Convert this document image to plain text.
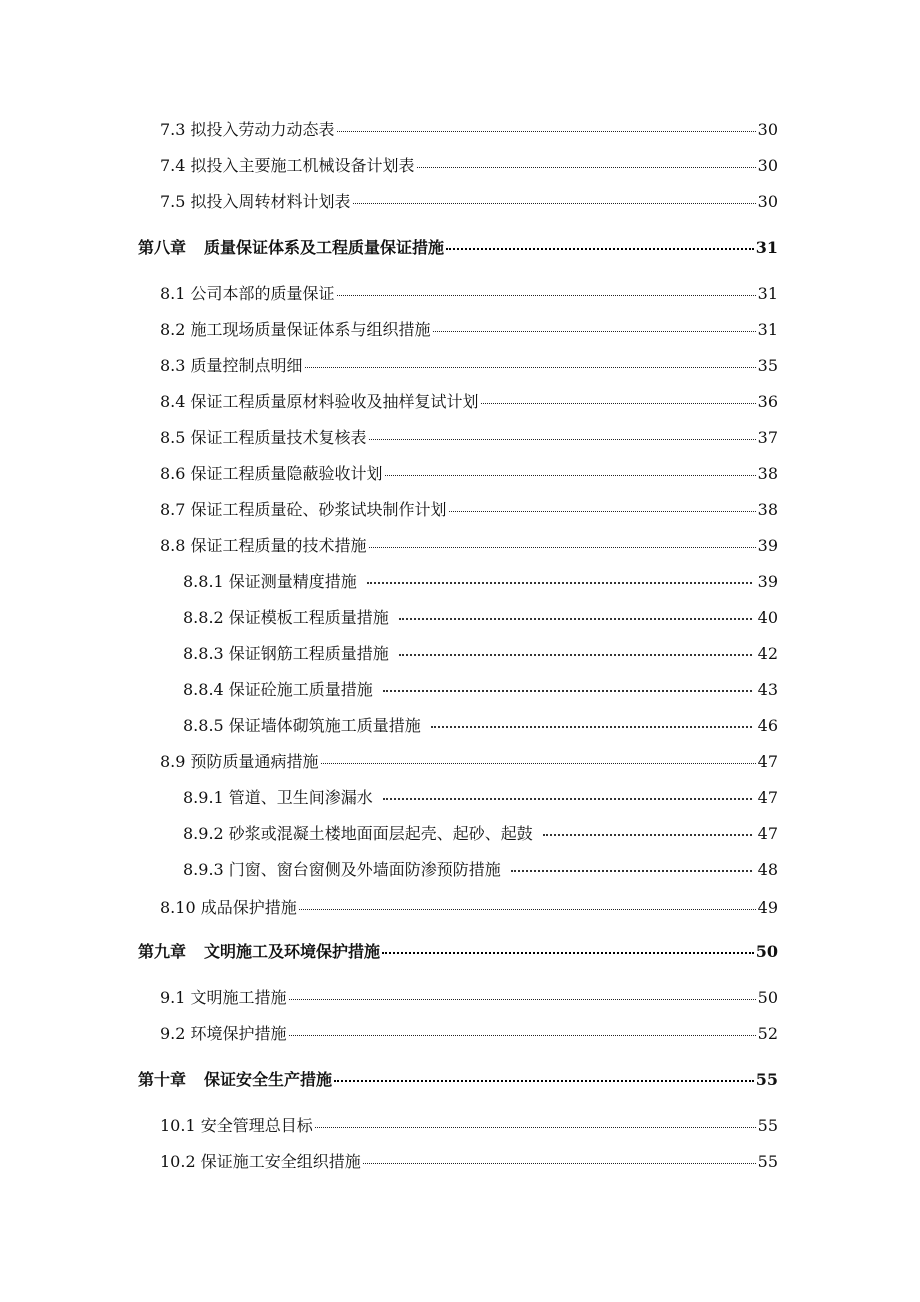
7.3 拟投入劳动力动态表	30
7.4 拟投入主要施工机械设备计划表	30
7.5 拟投入周转材料计划表	30
第八章 质量保证体系及工程质量保证措施	31
8.1 公司本部的质量保证	31
8.2 施工现场质量保证体系与组织措施	31
8.3 质量控制点明细	35
8.4 保证工程质量原材料验收及抽样复试计划	36
8.5 保证工程质量技术复核表	37
8.6 保证工程质量隐蔽验收计划	38
8.7 保证工程质量砼、砂浆试块制作计划	38
8.8 保证工程质量的技术措施	39
8.8.1 保证测量精度措施	39
8.8.2 保证模板工程质量措施	40
8.8.3 保证钢筋工程质量措施	42
8.8.4 保证砼施工质量措施	43
8.8.5 保证墙体砌筑施工质量措施	46
8.9 预防质量通病措施	47
8.9.1 管道、卫生间渗漏水	47
8.9.2 砂浆或混凝土楼地面面层起壳、起砂、起鼓	47
8.9.3 门窗、窗台窗侧及外墙面防渗预防措施	48
8.10 成品保护措施	49
第九章 文明施工及环境保护措施	50
9.1 文明施工措施	50
9.2 环境保护措施	52
第十章 保证安全生产措施	55
10.1 安全管理总目标	55
10.2 保证施工安全组织措施	55
